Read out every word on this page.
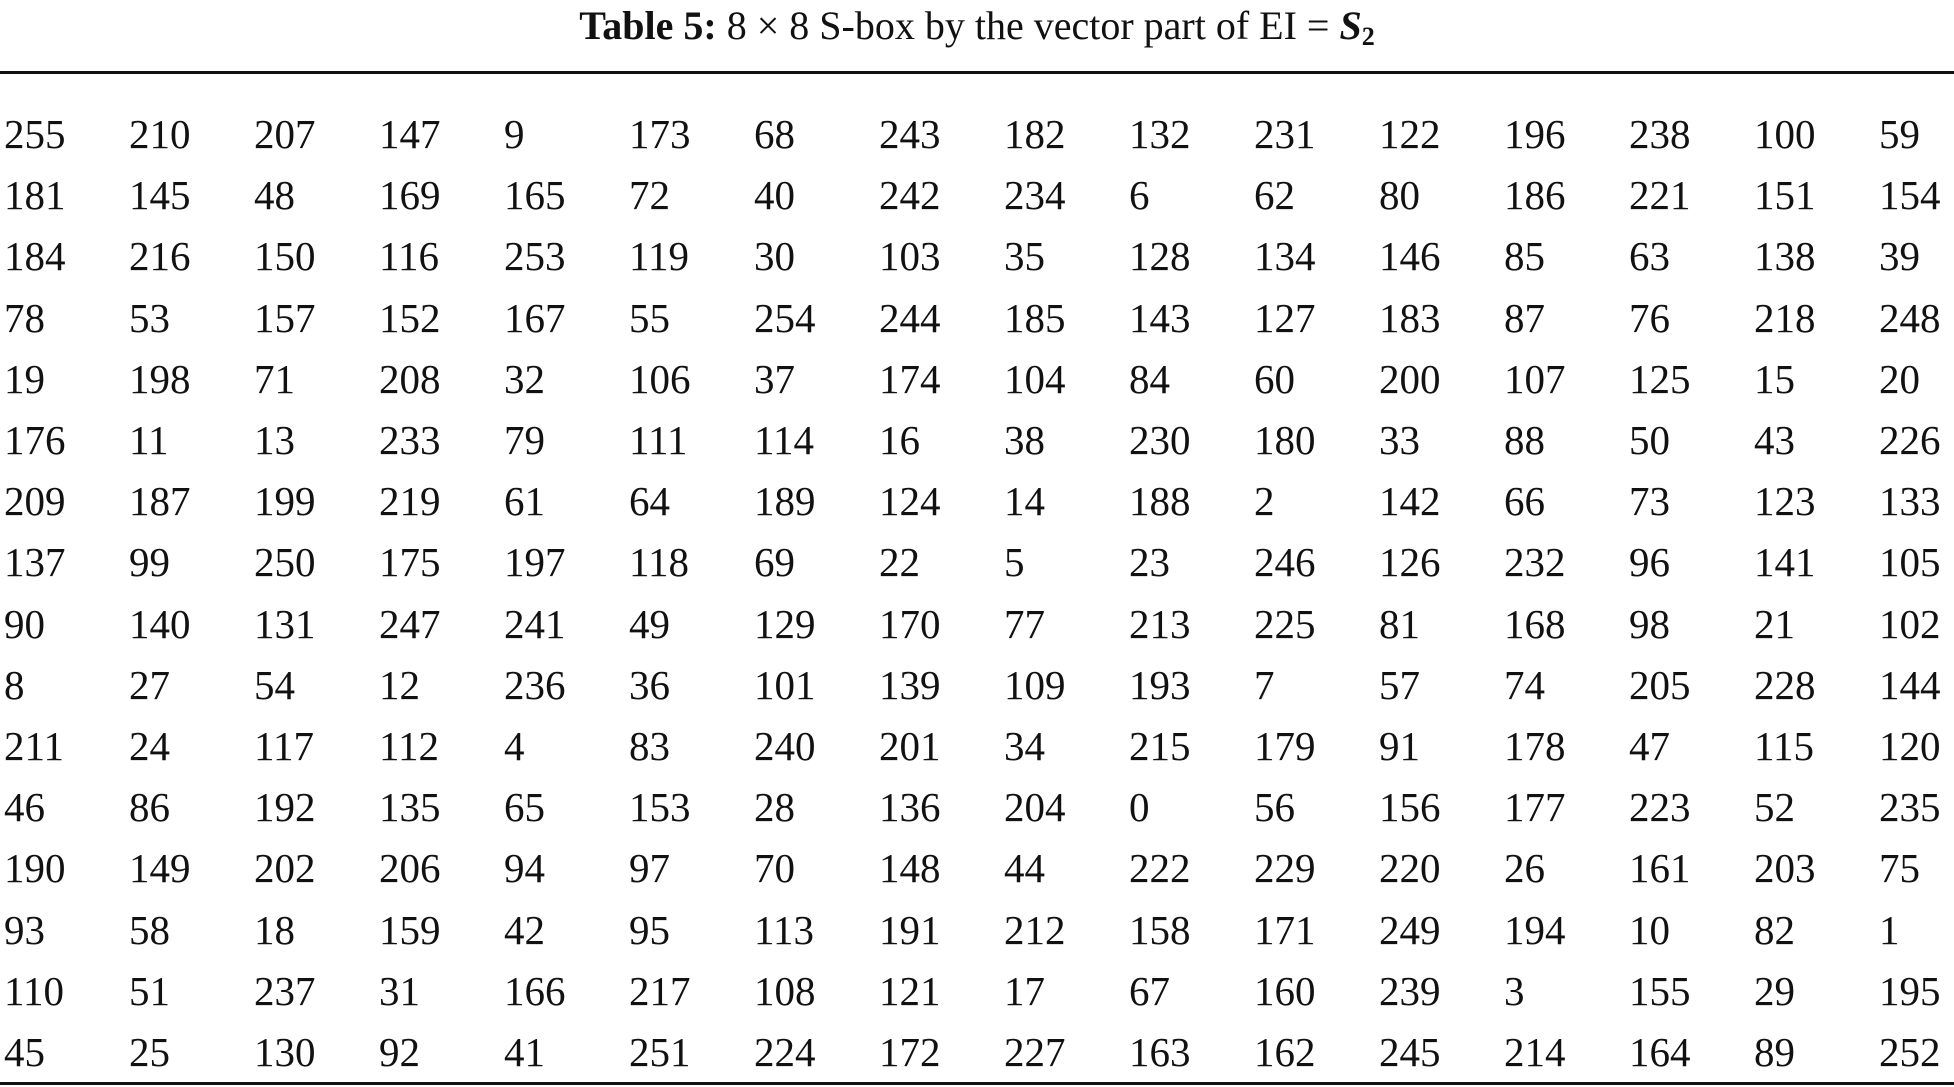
Table 5: 8 × 8 S-box by the vector part of EI = S2
255	210	207	147	9	173	68	243	182	132	231	122	196	238	100	59
181	145	48	169	165	72	40	242	234	6	62	80	186	221	151	154
184	216	150	116	253	119	30	103	35	128	134	146	85	63	138	39
78	53	157	152	167	55	254	244	185	143	127	183	87	76	218	248
19	198	71	208	32	106	37	174	104	84	60	200	107	125	15	20
176	11	13	233	79	111	114	16	38	230	180	33	88	50	43	226
209	187	199	219	61	64	189	124	14	188	2	142	66	73	123	133
137	99	250	175	197	118	69	22	5	23	246	126	232	96	141	105
90	140	131	247	241	49	129	170	77	213	225	81	168	98	21	102
8	27	54	12	236	36	101	139	109	193	7	57	74	205	228	144
211	24	117	112	4	83	240	201	34	215	179	91	178	47	115	120
46	86	192	135	65	153	28	136	204	0	56	156	177	223	52	235
190	149	202	206	94	97	70	148	44	222	229	220	26	161	203	75
93	58	18	159	42	95	113	191	212	158	171	249	194	10	82	1
110	51	237	31	166	217	108	121	17	67	160	239	3	155	29	195
45	25	130	92	41	251	224	172	227	163	162	245	214	164	89	252
